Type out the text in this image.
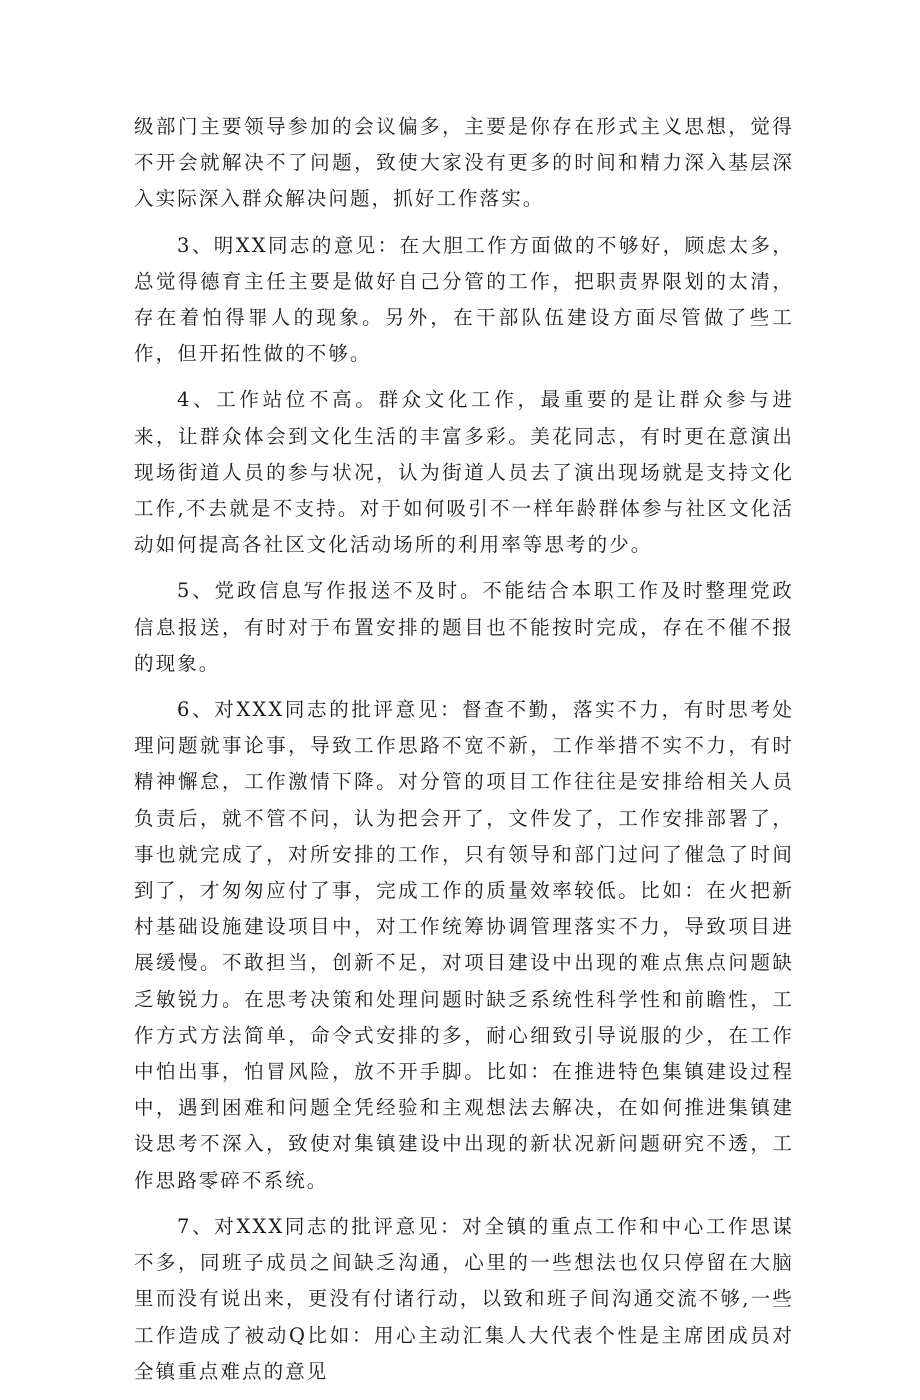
级部门主要领导参加的会议偏多，主要是你存在形式主义思想，觉得不开会就解决不了问题，致使大家没有更多的时间和精力深入基层深入实际深入群众解决问题，抓好工作落实。

3、明XX同志的意见：在大胆工作方面做的不够好，顾虑太多，总觉得德育主任主要是做好自己分管的工作，把职责界限划的太清，存在着怕得罪人的现象。另外，在干部队伍建设方面尽管做了些工作，但开拓性做的不够。

4、工作站位不高。群众文化工作，最重要的是让群众参与进来，让群众体会到文化生活的丰富多彩。美花同志，有时更在意演出现场街道人员的参与状况，认为街道人员去了演出现场就是支持文化工作,不去就是不支持。对于如何吸引不一样年龄群体参与社区文化活动如何提高各社区文化活动场所的利用率等思考的少。

5、党政信息写作报送不及时。不能结合本职工作及时整理党政信息报送，有时对于布置安排的题目也不能按时完成，存在不催不报的现象。

6、对XXX同志的批评意见：督查不勤，落实不力，有时思考处理问题就事论事，导致工作思路不宽不新，工作举措不实不力，有时精神懈怠，工作激情下降。对分管的项目工作往往是安排给相关人员负责后，就不管不问，认为把会开了，文件发了，工作安排部署了，事也就完成了，对所安排的工作，只有领导和部门过问了催急了时间到了，才匆匆应付了事，完成工作的质量效率较低。比如：在火把新村基础设施建设项目中，对工作统筹协调管理落实不力，导致项目进展缓慢。不敢担当，创新不足，对项目建设中出现的难点焦点问题缺乏敏锐力。在思考决策和处理问题时缺乏系统性科学性和前瞻性，工作方式方法简单，命令式安排的多，耐心细致引导说服的少，在工作中怕出事，怕冒风险，放不开手脚。比如：在推进特色集镇建设过程中，遇到困难和问题全凭经验和主观想法去解决，在如何推进集镇建设思考不深入，致使对集镇建设中出现的新状况新问题研究不透，工作思路零碎不系统。

7、对XXX同志的批评意见：对全镇的重点工作和中心工作思谋不多，同班子成员之间缺乏沟通，心里的一些想法也仅只停留在大脑里而没有说出来，更没有付诸行动，以致和班子间沟通交流不够,一些工作造成了被动Q比如：用心主动汇集人大代表个性是主席团成员对全镇重点难点的意见
